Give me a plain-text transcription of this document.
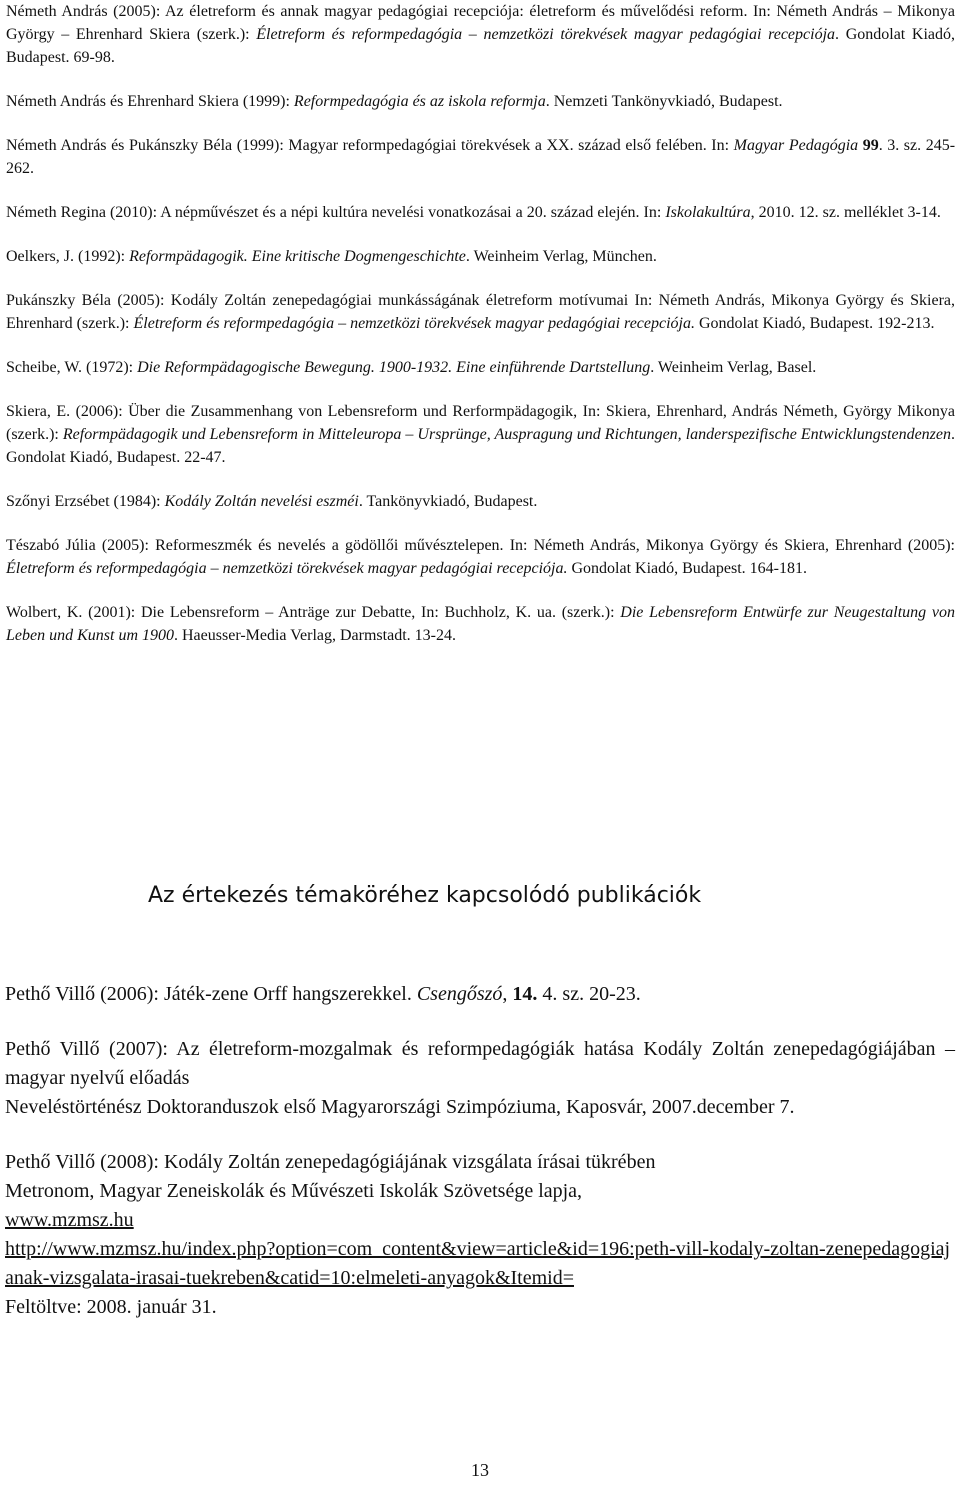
Németh András (2005): Az életreform és annak magyar pedagógiai recepciója: életreform és művelődési reform. In: Németh András – Mikonya György – Ehrenhard Skiera (szerk.): Életreform és reformpedagógia – nemzetközi törekvések magyar pedagógiai recepciója. Gondolat Kiadó, Budapest. 69-98.

Németh András és Ehrenhard Skiera (1999): Reformpedagógia és az iskola reformja. Nemzeti Tankönyvkiadó, Budapest.

Németh András és Pukánszky Béla (1999): Magyar reformpedagógiai törekvések a XX. század első felében. In: Magyar Pedagógia 99. 3. sz. 245-262.

Németh Regina (2010): A népművészet és a népi kultúra nevelési vonatkozásai a 20. század elején. In: Iskolakultúra, 2010. 12. sz. melléklet 3-14.

Oelkers, J. (1992): Reformpädagogik. Eine kritische Dogmengeschichte. Weinheim Verlag, München.

Pukánszky Béla (2005): Kodály Zoltán zenepedagógiai munkásságának életreform motívumai In: Németh András, Mikonya György és Skiera, Ehrenhard (szerk.): Életreform és reformpedagógia – nemzetközi törekvések magyar pedagógiai recepciója. Gondolat Kiadó, Budapest. 192-213.

Scheibe, W. (1972): Die Reformpädagogische Bewegung. 1900-1932. Eine einführende Dartstellung. Weinheim Verlag, Basel.

Skiera, E. (2006): Über die Zusammenhang von Lebensreform und Rerformpädagogik, In: Skiera, Ehrenhard, András Németh, György Mikonya (szerk.): Reformpädagogik und Lebensreform in Mitteleuropa – Ursprünge, Auspragung und Richtungen, landerspezifische Entwicklungstendenzen. Gondolat Kiadó, Budapest. 22-47.

Szőnyi Erzsébet (1984): Kodály Zoltán nevelési eszméi. Tankönyvkiadó, Budapest.

Tészabó Júlia (2005): Reformeszmék és nevelés a gödöllői művésztelepen. In: Németh András, Mikonya György és Skiera, Ehrenhard (2005): Életreform és reformpedagógia – nemzetközi törekvések magyar pedagógiai recepciója. Gondolat Kiadó, Budapest. 164-181.

Wolbert, K. (2001): Die Lebensreform – Anträge zur Debatte, In: Buchholz, K. ua. (szerk.): Die Lebensreform Entwürfe zur Neugestaltung von Leben und Kunst um 1900. Haeusser-Media Verlag, Darmstadt. 13-24.

Az értekezés témaköréhez kapcsolódó publikációk

Pethő Villő (2006): Játék-zene Orff hangszerekkel. Csengőszó, 14. 4. sz. 20-23.

Pethő Villő (2007): Az életreform-mozgalmak és reformpedagógiák hatása Kodály Zoltán zenepedagógiájában – magyar nyelvű előadás
Neveléstörténész Doktoranduszok első Magyarországi Szimpóziuma, Kaposvár, 2007.december 7.

Pethő Villő (2008): Kodály Zoltán zenepedagógiájának vizsgálata írásai tükrében
Metronom, Magyar Zeneiskolák és Művészeti Iskolák Szövetsége lapja,
www.mzmsz.hu
http://www.mzmsz.hu/index.php?option=com_content&view=article&id=196:peth-vill-kodaly-zoltan-zenepedagogiajanak-vizsgalata-irasai-tuekreben&catid=10:elmeleti-anyagok&Itemid=
Feltöltve: 2008. január 31.

13
